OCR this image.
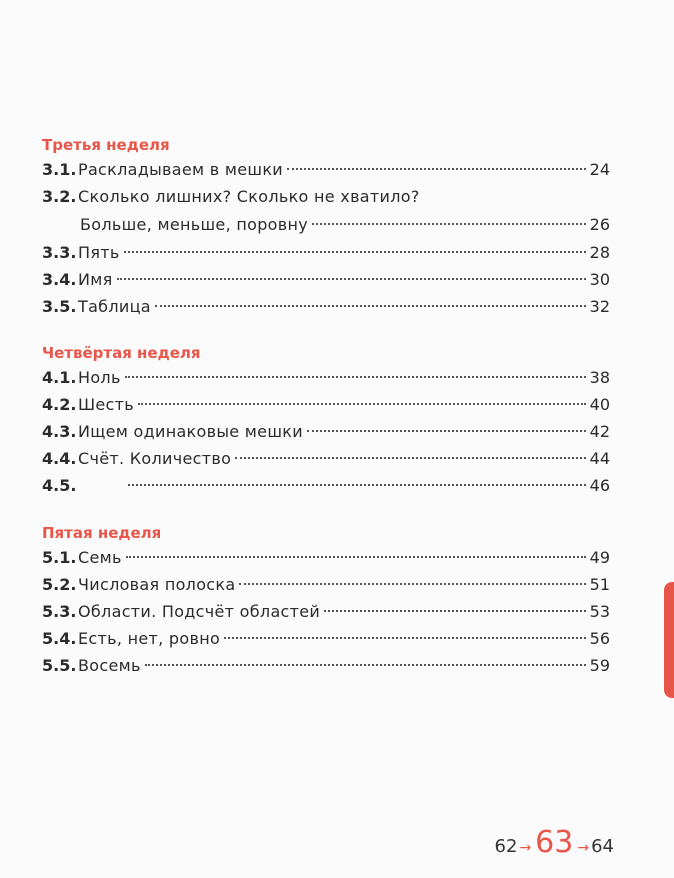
Третья неделя
3.1. Раскладываем в мешки	24
3.2. Сколько лишних? Сколько не хватило?
Больше, меньше, поровну	26
3.3. Пять	28
3.4. Имя	30
3.5. Таблица	32
Четвёртая неделя
4.1. Ноль	38
4.2. Шесть	40
4.3. Ищем одинаковые мешки	42
4.4. Счёт. Количество	44
4.5.	46
Пятая неделя
5.1. Семь	49
5.2. Числовая полоска	51
5.3. Области. Подсчёт областей	53
5.4. Есть, нет, ровно	56
5.5. Восемь	59
62 → 63 → 64
